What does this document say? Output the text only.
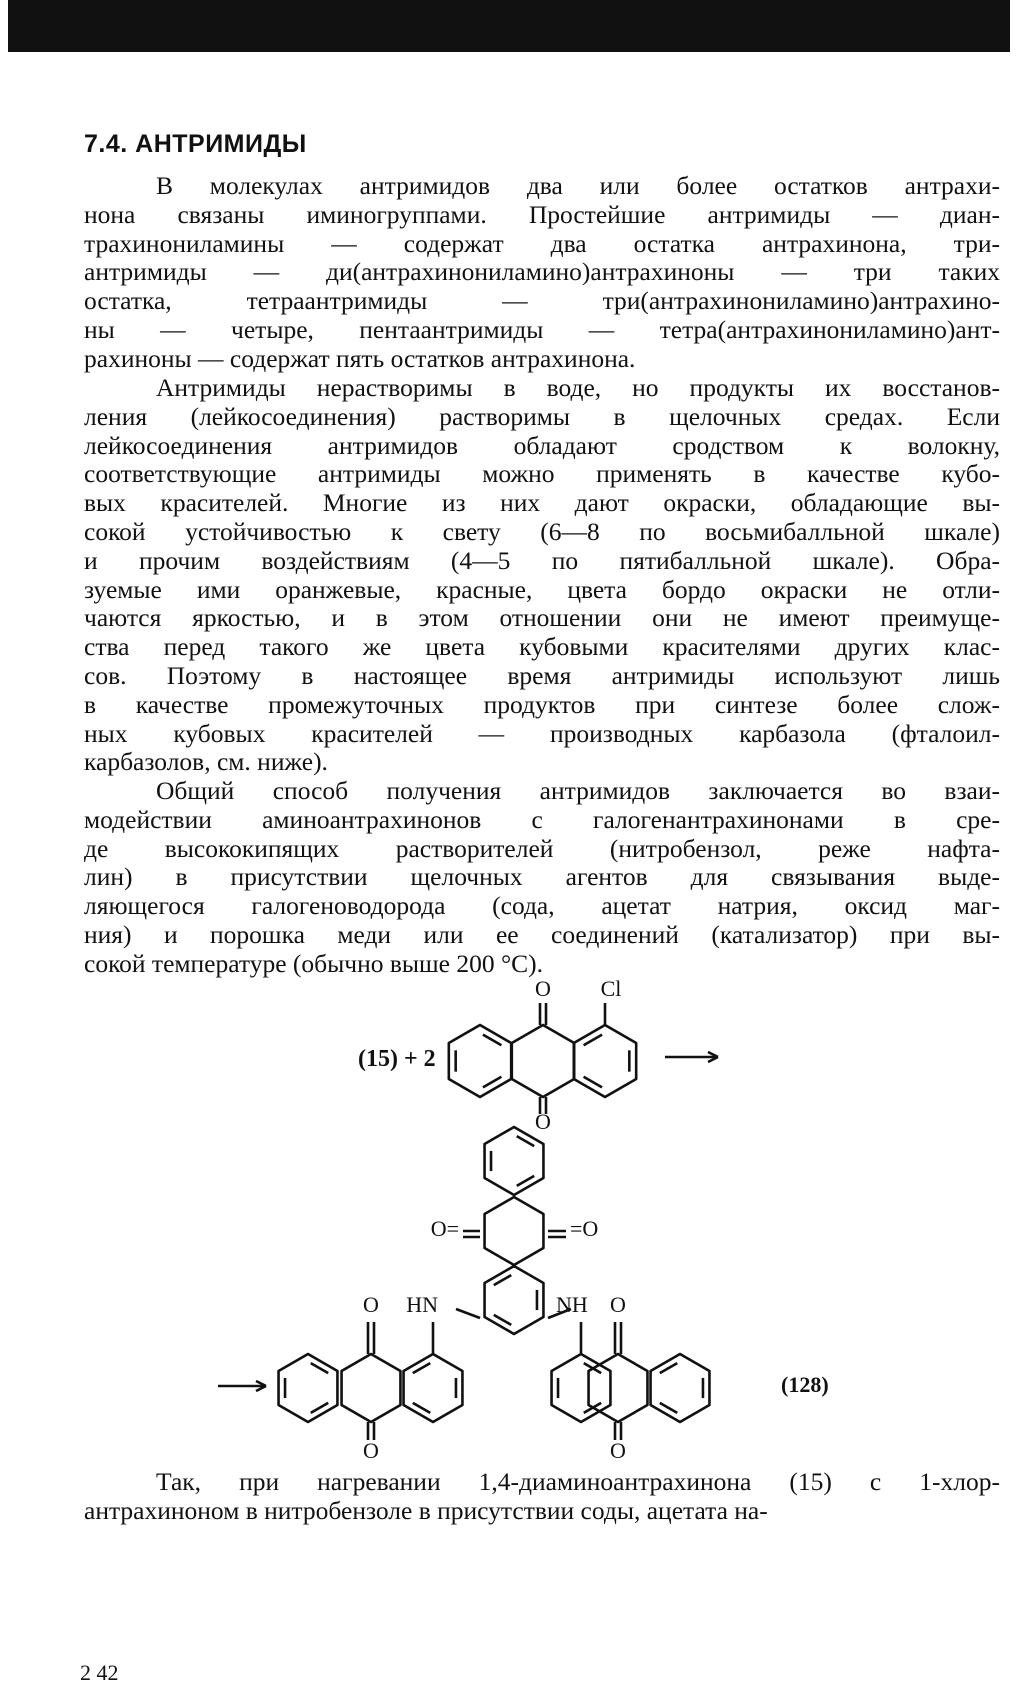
7.4. АНТРИМИДЫ
В молекулах антримидов два или более остатков антрахи-
нона связаны иминогруппами. Простейшие антримиды — диан-
трахинониламины — содержат два остатка антрахинона, три-
антримиды — ди(антрахинониламино)антрахиноны — три таких
остатка, тетраантримиды — три(антрахинониламино)антрахино-
ны — четыре, пентаантримиды — тетра(антрахинониламино)ант-
рахиноны — содержат пять остатков антрахинона.
Антримиды нерастворимы в воде, но продукты их восстанов-
ления (лейкосоединения) растворимы в щелочных средах. Если
лейкосоединения антримидов обладают сродством к волокну,
соответствующие антримиды можно применять в качестве кубо-
вых красителей. Многие из них дают окраски, обладающие вы-
сокой устойчивостью к свету (6—8 по восьмибалльной шкале)
и прочим воздействиям (4—5 по пятибалльной шкале). Обра-
зуемые ими оранжевые, красные, цвета бордо окраски не отли-
чаются яркостью, и в этом отношении они не имеют преимуще-
ства перед такого же цвета кубовыми красителями других клас-
сов. Поэтому в настоящее время антримиды используют лишь
в качестве промежуточных продуктов при синтезе более слож-
ных кубовых красителей — производных карбазола (фталоил-
карбазолов, см. ниже).
Общий способ получения антримидов заключается во взаи-
модействии аминоантрахинонов с галогенантрахинонами в сре-
де высококипящих растворителей (нитробензол, реже нафта-
лин) в присутствии щелочных агентов для связывания выде-
ляющегося галогеноводорода (сода, ацетат натрия, оксид маг-
ния) и порошка меди или ее соединений (катализатор) при вы-
сокой температуре (обычно выше 200 °С).
Так, при нагревании 1,4-диаминоантрахинона (15) с 1-хлор-
антрахиноном в нитробензоле в присутствии соды, ацетата на-
(15) + 2
O Cl
O
O=	=O
HN	NH
O
O
O
O
(128)
2 42
